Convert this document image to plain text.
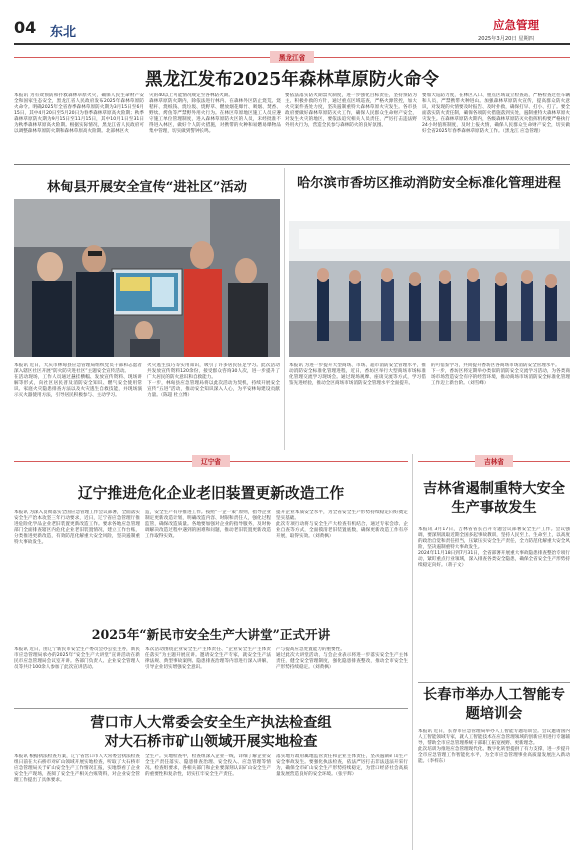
04 东北	应急管理
2025年3月20日 星期四
黑龙江省
黑龙江发布2025年森林草原防火命令
本报讯 为有效预防和扑救森林草原火灾，确保人民生命财产安全和国家生态安全，黑龙江省人民政府发布2025年森林草原防火命令。明确2025年全省春季森林草原防火期为3月15日至6月15日，其中4月20日至5月20日为春季森林草原高火险期；秋季森林草原防火期为9月15日至11月15日，其中10月1日至31日为秋季森林草原高火险期。根据实际情况，黑龙江省人民政府可以调整森林草原防火期和森林草原高火险期。北部林区火
灾的40以上可能情况规定至各林防火期。
森林草原防火期内，除依法进行林内、在森林外区防止烧荒、烧秸秆、烧纸钱、烧垃圾、烧野草、燃放烟花爆竹、吸烟、焚香、野炊、烤鱼等严禁野外用火行为。在林区草原地区施工人员应遵守施工单位管理制度，进入森林草原防火区的人员，未经批准不得进入林区，做好个人防火措施，对携带的火种和易燃易爆物品集中管理，切实做到警钟长鸣。
要依法落实防火期禁火制度，进一步强化目标责任，坚持预防为主、积极扑救的方针，通过重点区域巡查，严格火源管控，加大火灾案件查处力度，坚决遏制重特大森林草原火灾发生。各市县政府要做好森林草原防灭火工作，确保人民群众生命财产安全，对发生火灾的地区，要依法追究相关人员责任，严厉打击违法野外用火行为，营造全民参与森林防火的良好氛围。
要加大巡防力度，在林区入口、重点区域设立检查站，严格检查过往车辆和人员，严禁携带火种进山。加强森林草原防火宣传，提高群众防火意识，对发现的火情要及时报告、及时扑救，确保打早、打小、打了。要全面落实防火责任制，确保各项防火措施落到实处，遏制重特大森林草原火灾发生。在森林草原防火期内，各级森林草原防灭火指挥机构要严格执行24小时值班制度，及时上报火情，确保人民群众生命财产安全，切实做好全省2025年春季森林草原防火工作。（黑龙江 应急管理）
林甸县开展安全宣传“进社区”活动
本报讯 近日，大庆市林甸县应急管理局组织党员干部和志愿者深入辖区社区开展“防火防灾进社区”主题安全宣传活动。
在活动现场，工作人员通过悬挂横幅、发放宣传资料、现场讲解等形式，向社区居民普及消防安全知识、燃气安全使用常识、家庭火灾隐患排查方法以及火灾逃生自救技能，并现场演示灭火器使用方法，引导居民积极参与、主动学习。
火灾逃生技巧等实用知识，吸引了许多居民驻足学习。此次活动共发放宣传资料120余份，接受群众咨询30人次，进一步提升了广大居民的防火意识和自救能力。
下一步，林甸县应急管理局将以此次活动为契机，持续开展安全宣传“五进”活动，推动安全知识深入人心，为平安林甸建设贡献力量。（陈超 杜立博）
哈尔滨市香坊区推动消防安全标准化管理进程
本报讯 为进一步提升大型商场、市场、超市消防安全管理水平，推动消防安全标准化管理进程，近日，香坊区举行大型商场市场标准化管理交流学习现场会。通过现场观摩、座谈交流等方式，学习借鉴先进经验，推动全区商场市场消防安全管理水平全面提升。
的可借鉴学习，共同提升香坊区各商场市场消防安全管理水平。
下一步，香坊区将定期举办类似的消防安全交流学习活动，为各类商场市场营造安全有序的经营环境，推动商场市场消防安全标准化管理工作迈上新台阶。（刘雪峰）
辽宁省
辽宁推进危化企业老旧装置更新改造工作
本报讯 为深入贯彻落实全国应急管理工作会议部署，全面落实安全生产治本攻坚三年行动要求，近日，辽宁省应急管理厅推进危险化学品企业老旧装置更新改造工作。要求各地应急管理部门全面排查辖区内危化企业老旧装置情况，建立工作台账，分类推进更新改造，有效防范化解重大安全风险，坚决遏制重特大事故发生。
造，安全生产有序推进工作。按照“一企一策”原则，指导企业制定更新改造计划，明确改造内容、时限和责任人，强化过程监管，确保改造质量。各地要加强对企业的指导服务，及时协调解决改造过程中遇到的困难和问题，推动老旧装置更新改造工作取得实效。
提升企业本质安全水平，为全省安全生产形势持续稳定向好奠定坚实基础。
此次专项行动将与安全生产大检查有机结合，通过专家会诊、企业自查等方式，全面摸清老旧装置底数，确保更新改造工作有序开展，取得实效。（刘黄枫）
2025年“新民市安全生产大讲堂”正式开讲
本报讯 近日，由辽宁新民市安全生产委员会办公室主办，新民市应急管理局承办的2025年“安全生产大讲堂”宣讲活动在新民市应急管理局会议室开讲。各部门负责人、企业安全管理人员等共计100余人参加了此次宣讲活动。
本次活动围绕企业安全生产主体责任、“企业安全生产主体责任落实”为主题开展宣讲。邀请安全生产专家，就安全生产法律法规、典型事故案例、隐患排查治理等内容进行深入讲解，引导企业切实增强安全意识。
产与提高应急处置能力的重要性。
通过此次大讲堂活动，与会企业表示将进一步落实安全生产主体责任，健全安全管理制度，强化隐患排查整改，推动全市安全生产形势持续稳定。（刘黄枫）
营口市人大常委会安全生产执法检查组
对大石桥市矿山领域开展实地检查
本报讯 根据执法检查方案，辽宁省营口市人大常委会执法检查组日前在大石桥市对矿山领域开展实地检查，听取了大石桥市应急管理局关于矿山安全生产工作情况汇报，实地察看了企业安全生产现场，查阅了安全生产相关台账资料，对企业安全管理工作提出了具体要求。
全生产。实地检查中，检查组深入企业一线，详细了解企业安全生产责任落实、隐患排查治理、安全投入、应急管理等情况。检查组要求，各相关部门和企业要深刻认识矿山安全生产的重要性和复杂性，切实扛牢安全生产责任。
落实地方政府属地监管责任和企业主体责任，坚决遏制矿山生产安全事故发生。要强化执法检查，依法严厉打击非法违法开采行为，确保全市矿山安全生产形势持续稳定，为营口经济社会高质量发展营造良好的安全环境。（张宇辉）
吉林省
吉林省遏制重特大安全生产事故发生
本报讯 3月17日，吉林省省长召开专题会议部署安全生产工作。会议强调，要深刻汲取近期全国多起事故教训，坚持人民至上、生命至上，以高度的政治自觉和责任担当，压紧压实安全生产责任，全力防范化解重大安全风险，坚决遏制重特大事故发生。
2024年11月18日到7月31日，全省部署开展重大事故隐患排查整治专项行动，紧盯重点行业领域，深入排查各类安全隐患，确保全省安全生产形势持续稳定向好。（蒋子文）
长春市举办人工智能专题培训会
本报讯 近日，长春市应急管理局举办人工智能专题培训会。会议邀请国内人工智能领域专家，就人工智能技术在应急管理领域的创新应用进行专题辅导，帮助全市应急管理系统干部职工拓宽视野、更新理念。
此次培训为推进应急管理现代化、数字化转型提供了有力支撑，进一步提升全市应急管理工作智能化水平，为全市应急管理事业高质量发展注入新动能。（李梓东）
